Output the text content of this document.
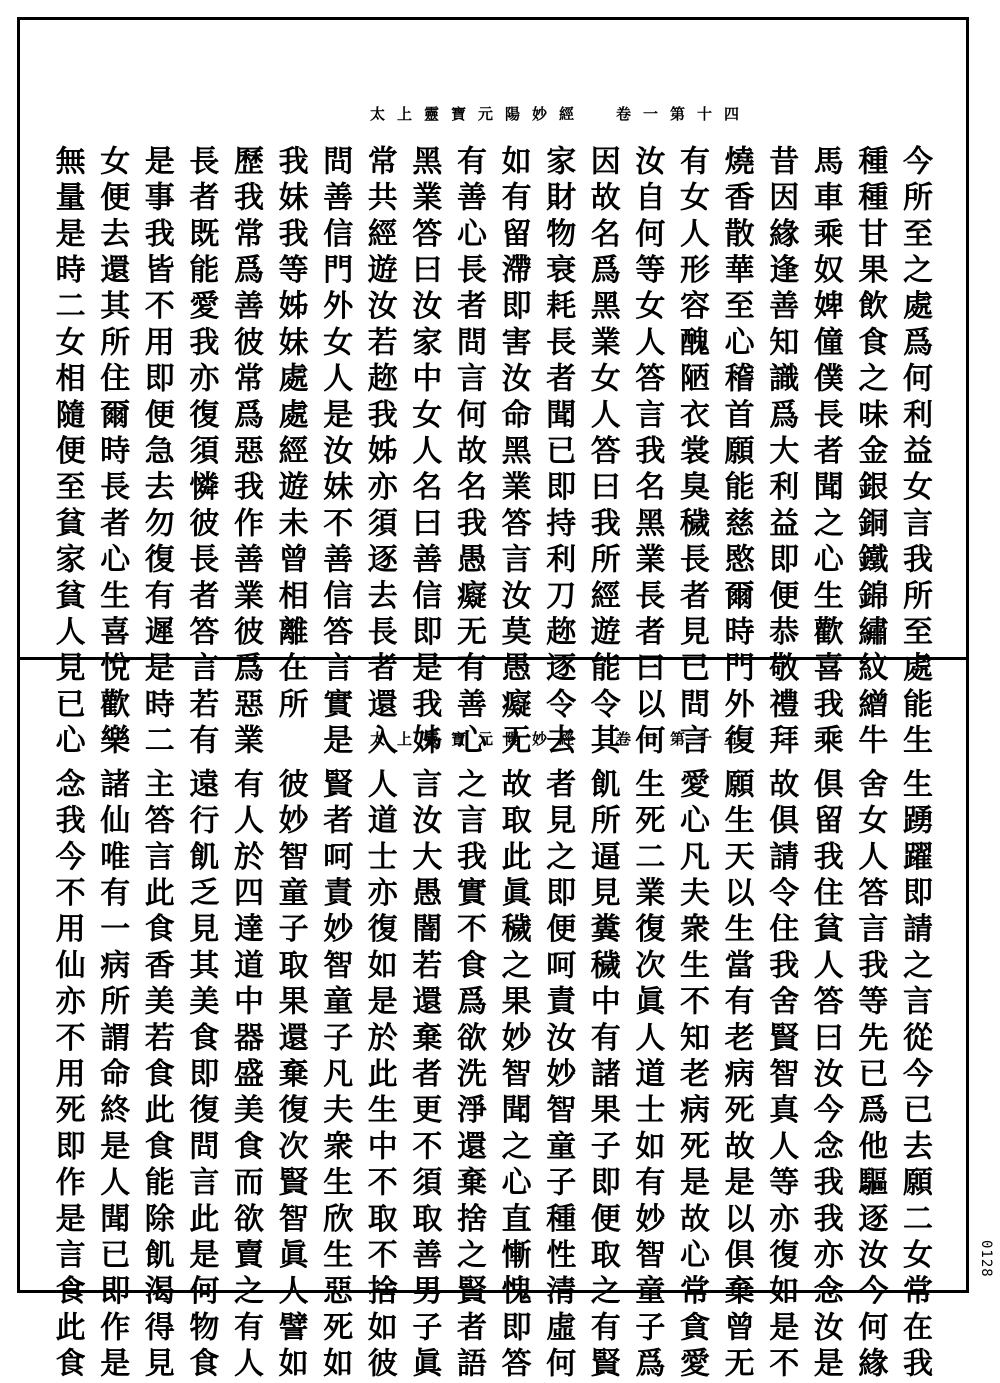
太上靈寶元陽妙經 卷一第十四
今所至之處爲何利益女言我所至處能生
種種甘果飲食之味金銀銅鐵錦繡紋繒牛
馬車乘奴婢僮僕長者聞之心生歡喜我乘
昔因緣逢善知識爲大利益即便恭敬禮拜
燒香散華至心稽首願能慈愍爾時門外復
有女人形容醜陋衣裳臭穢長者見已問言
汝自何等女人答言我名黑業長者曰以何
因故名爲黑業女人答曰我所經遊能令其
家財物衰耗長者聞已即持利刀趂逐令去
如有留滯即害汝命黑業答言汝莫愚癡无
有善心長者問言何故名我愚癡无有善心
黑業答曰汝家中女人名曰善信即是我姊
常共經遊汝若趂我姊亦須逐去長者還入
問善信門外女人是汝妹不善信答言實是
我妹我等姊妹處處經遊未曾相離在所
歷我常爲善彼常爲惡我作善業彼爲惡業
長者既能愛我亦復須憐彼長者答言若有
是事我皆不用即便急去勿復有遲是時二
女便去還其所住爾時長者心生喜悅歡樂
無量是時二女相隨便至貧家貧人見已心	太上靈寶元陽妙經 卷一第十五
生踴躍即請之言從今已去願二女常在我
舍女人答言我等先已爲他驅逐汝今何緣
俱留我住貧人答曰汝今念我我亦念汝是
故俱請令住我舍賢智真人等亦復如是不
願生天以生當有老病死故是以俱棄曾无
愛心凡夫衆生不知老病死是故心常貪愛
生死二業復次眞人道士如有妙智童子爲
飢所逼見糞穢中有諸果子即便取之有賢
者見之即便呵責汝妙智童子種性清虛何
故取此眞穢之果妙智聞之心直慚愧即答
之言我實不食爲欲洗淨還棄捨之賢者語
言汝大愚闇若還棄者更不須取善男子眞
人道士亦復如是於此生中不取不捨如彼
賢者呵責妙智童子凡夫衆生欣生惡死如
彼妙智童子取果還棄復次賢智眞人譬如
有人於四達道中器盛美食而欲賣之有人
遠行飢乏見其美食即復問言此是何物食
主答言此食香美若食此食能除飢渴得見
諸仙唯有一病所謂命終是人聞已即作是
念我今不用仙亦不用死即作是言食此食	0128
